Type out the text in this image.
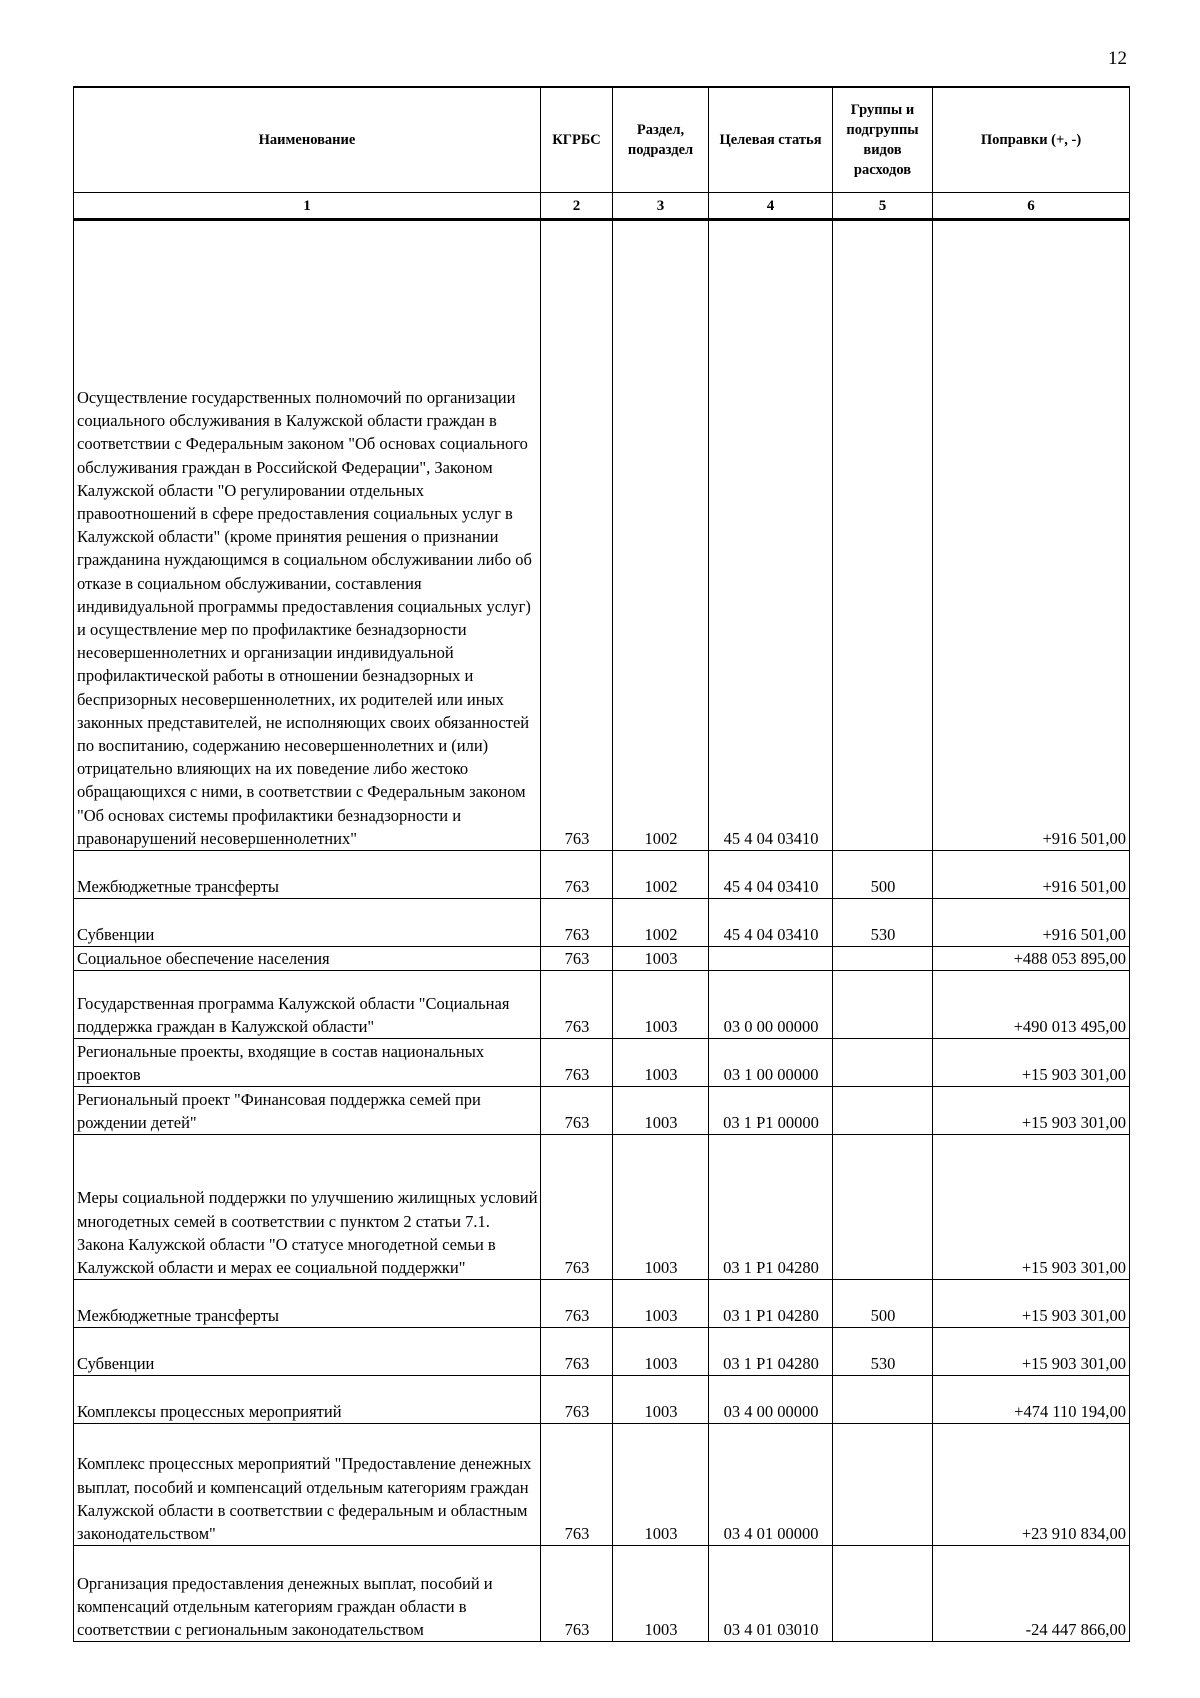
12
Наименование	КГРБС	Раздел, подраздел	Целевая статья	Группы и подгруппы видов расходов	Поправки (+, -)
1	2	3	4	5	6
Осуществление государственных полномочий по организации социального обслуживания в Калужской области граждан в соответствии с Федеральным законом "Об основах социального обслуживания граждан в Российской Федерации", Законом Калужской области "О регулировании отдельных правоотношений в сфере предоставления социальных услуг в Калужской области" (кроме принятия решения о признании гражданина нуждающимся в социальном обслуживании либо об отказе в социальном обслуживании, составления индивидуальной программы предоставления социальных услуг) и осуществление мер по профилактике безнадзорности несовершеннолетних и организации индивидуальной профилактической работы в отношении безнадзорных и беспризорных несовершеннолетних, их родителей или иных законных представителей, не исполняющих своих обязанностей по воспитанию, содержанию несовершеннолетних и (или) отрицательно влияющих на их поведение либо жестоко обращающихся с ними, в соответствии с Федеральным законом "Об основах системы профилактики безнадзорности и правонарушений несовершеннолетних"	763	1002	45 4 04 03410		+916 501,00
Межбюджетные трансферты	763	1002	45 4 04 03410	500	+916 501,00
Субвенции	763	1002	45 4 04 03410	530	+916 501,00
Социальное обеспечение населения	763	1003			+488 053 895,00
Государственная программа Калужской области "Социальная поддержка граждан в Калужской области"	763	1003	03 0 00 00000		+490 013 495,00
Региональные проекты, входящие в состав национальных проектов	763	1003	03 1 00 00000		+15 903 301,00
Региональный проект "Финансовая поддержка семей при рождении детей"	763	1003	03 1 P1 00000		+15 903 301,00
Меры социальной поддержки по улучшению жилищных условий многодетных семей в соответствии с пунктом 2 статьи 7.1. Закона Калужской области "О статусе многодетной семьи в Калужской области и мерах ее социальной поддержки"	763	1003	03 1 P1 04280		+15 903 301,00
Межбюджетные трансферты	763	1003	03 1 P1 04280	500	+15 903 301,00
Субвенции	763	1003	03 1 P1 04280	530	+15 903 301,00
Комплексы процессных мероприятий	763	1003	03 4 00 00000		+474 110 194,00
Комплекс процессных мероприятий "Предоставление денежных выплат, пособий и компенсаций отдельным категориям граждан Калужской области в соответствии с федеральным и областным законодательством"	763	1003	03 4 01 00000		+23 910 834,00
Организация предоставления денежных выплат, пособий и компенсаций отдельным категориям граждан области в соответствии с региональным законодательством	763	1003	03 4 01 03010		-24 447 866,00
